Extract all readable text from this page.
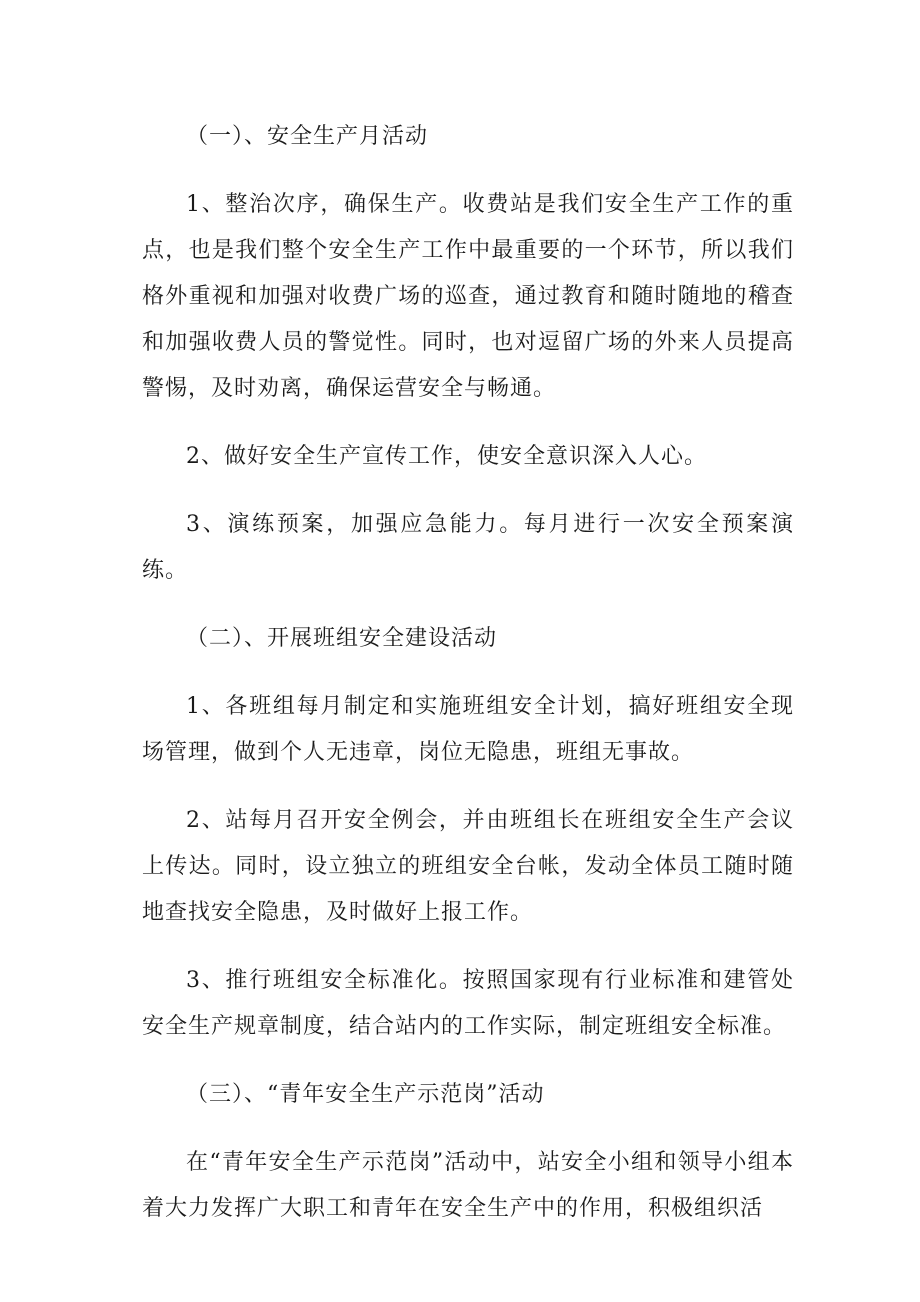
（一）、安全生产月活动

1、整治次序，确保生产。收费站是我们安全生产工作的重点，也是我们整个安全生产工作中最重要的一个环节，所以我们格外重视和加强对收费广场的巡查，通过教育和随时随地的稽查和加强收费人员的警觉性。同时，也对逗留广场的外来人员提高警惕，及时劝离，确保运营安全与畅通。

2、做好安全生产宣传工作，使安全意识深入人心。

3、演练预案，加强应急能力。每月进行一次安全预案演练。

（二）、开展班组安全建设活动

1、各班组每月制定和实施班组安全计划，搞好班组安全现场管理，做到个人无违章，岗位无隐患，班组无事故。

2、站每月召开安全例会，并由班组长在班组安全生产会议上传达。同时，设立独立的班组安全台帐，发动全体员工随时随地查找安全隐患，及时做好上报工作。

3、推行班组安全标准化。按照国家现有行业标准和建管处安全生产规章制度，结合站内的工作实际，制定班组安全标准。

（三）、“青年安全生产示范岗”活动

在“青年安全生产示范岗”活动中，站安全小组和领导小组本着大力发挥广大职工和青年在安全生产中的作用，积极组织活
